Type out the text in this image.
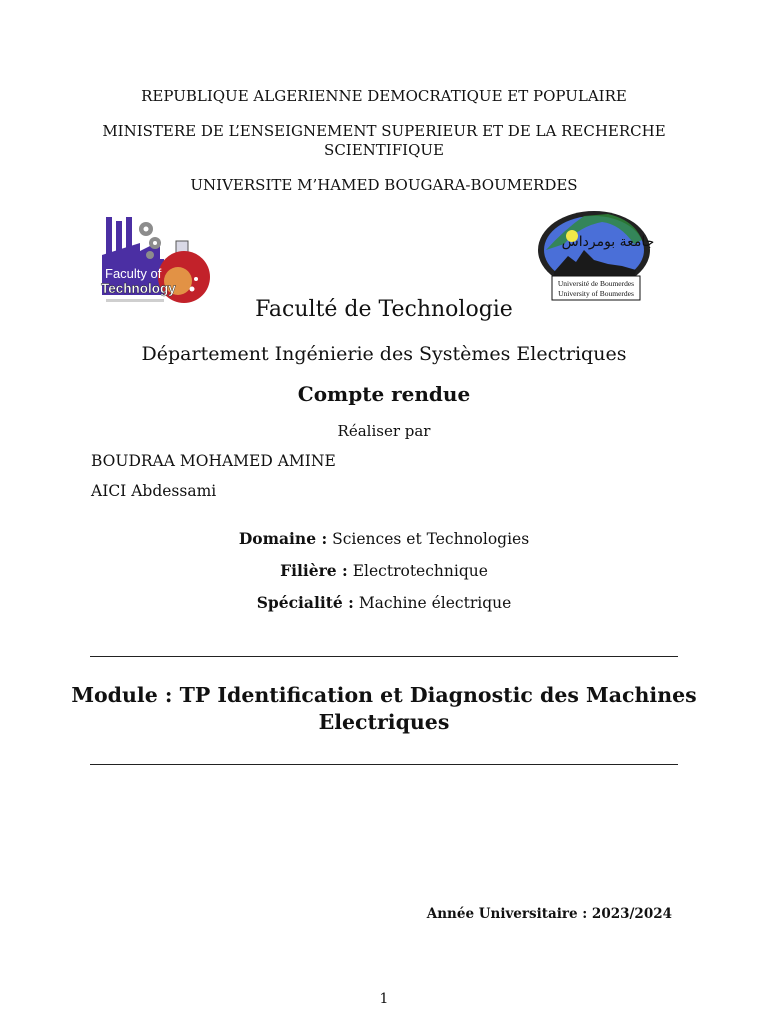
REPUBLIQUE ALGERIENNE DEMOCRATIQUE ET POPULAIRE
MINISTERE DE L’ENSEIGNEMENT SUPERIEUR ET DE LA RECHERCHE
SCIENTIFIQUE
UNIVERSITE M’HAMED BOUGARA-BOUMERDES
Faculty of
Technology
جامعة بومرداس
Université de Boumerdes
University of Boumerdes
Faculté de Technologie
Département Ingénierie des Systèmes Electriques
Compte rendue
Réaliser par
BOUDRAA MOHAMED AMINE
AICI Abdessami
Domaine : Sciences et Technologies
Filière : Electrotechnique
Spécialité : Machine électrique
Module : TP Identification et Diagnostic des Machines
Electriques
Année Universitaire : 2023/2024
1
